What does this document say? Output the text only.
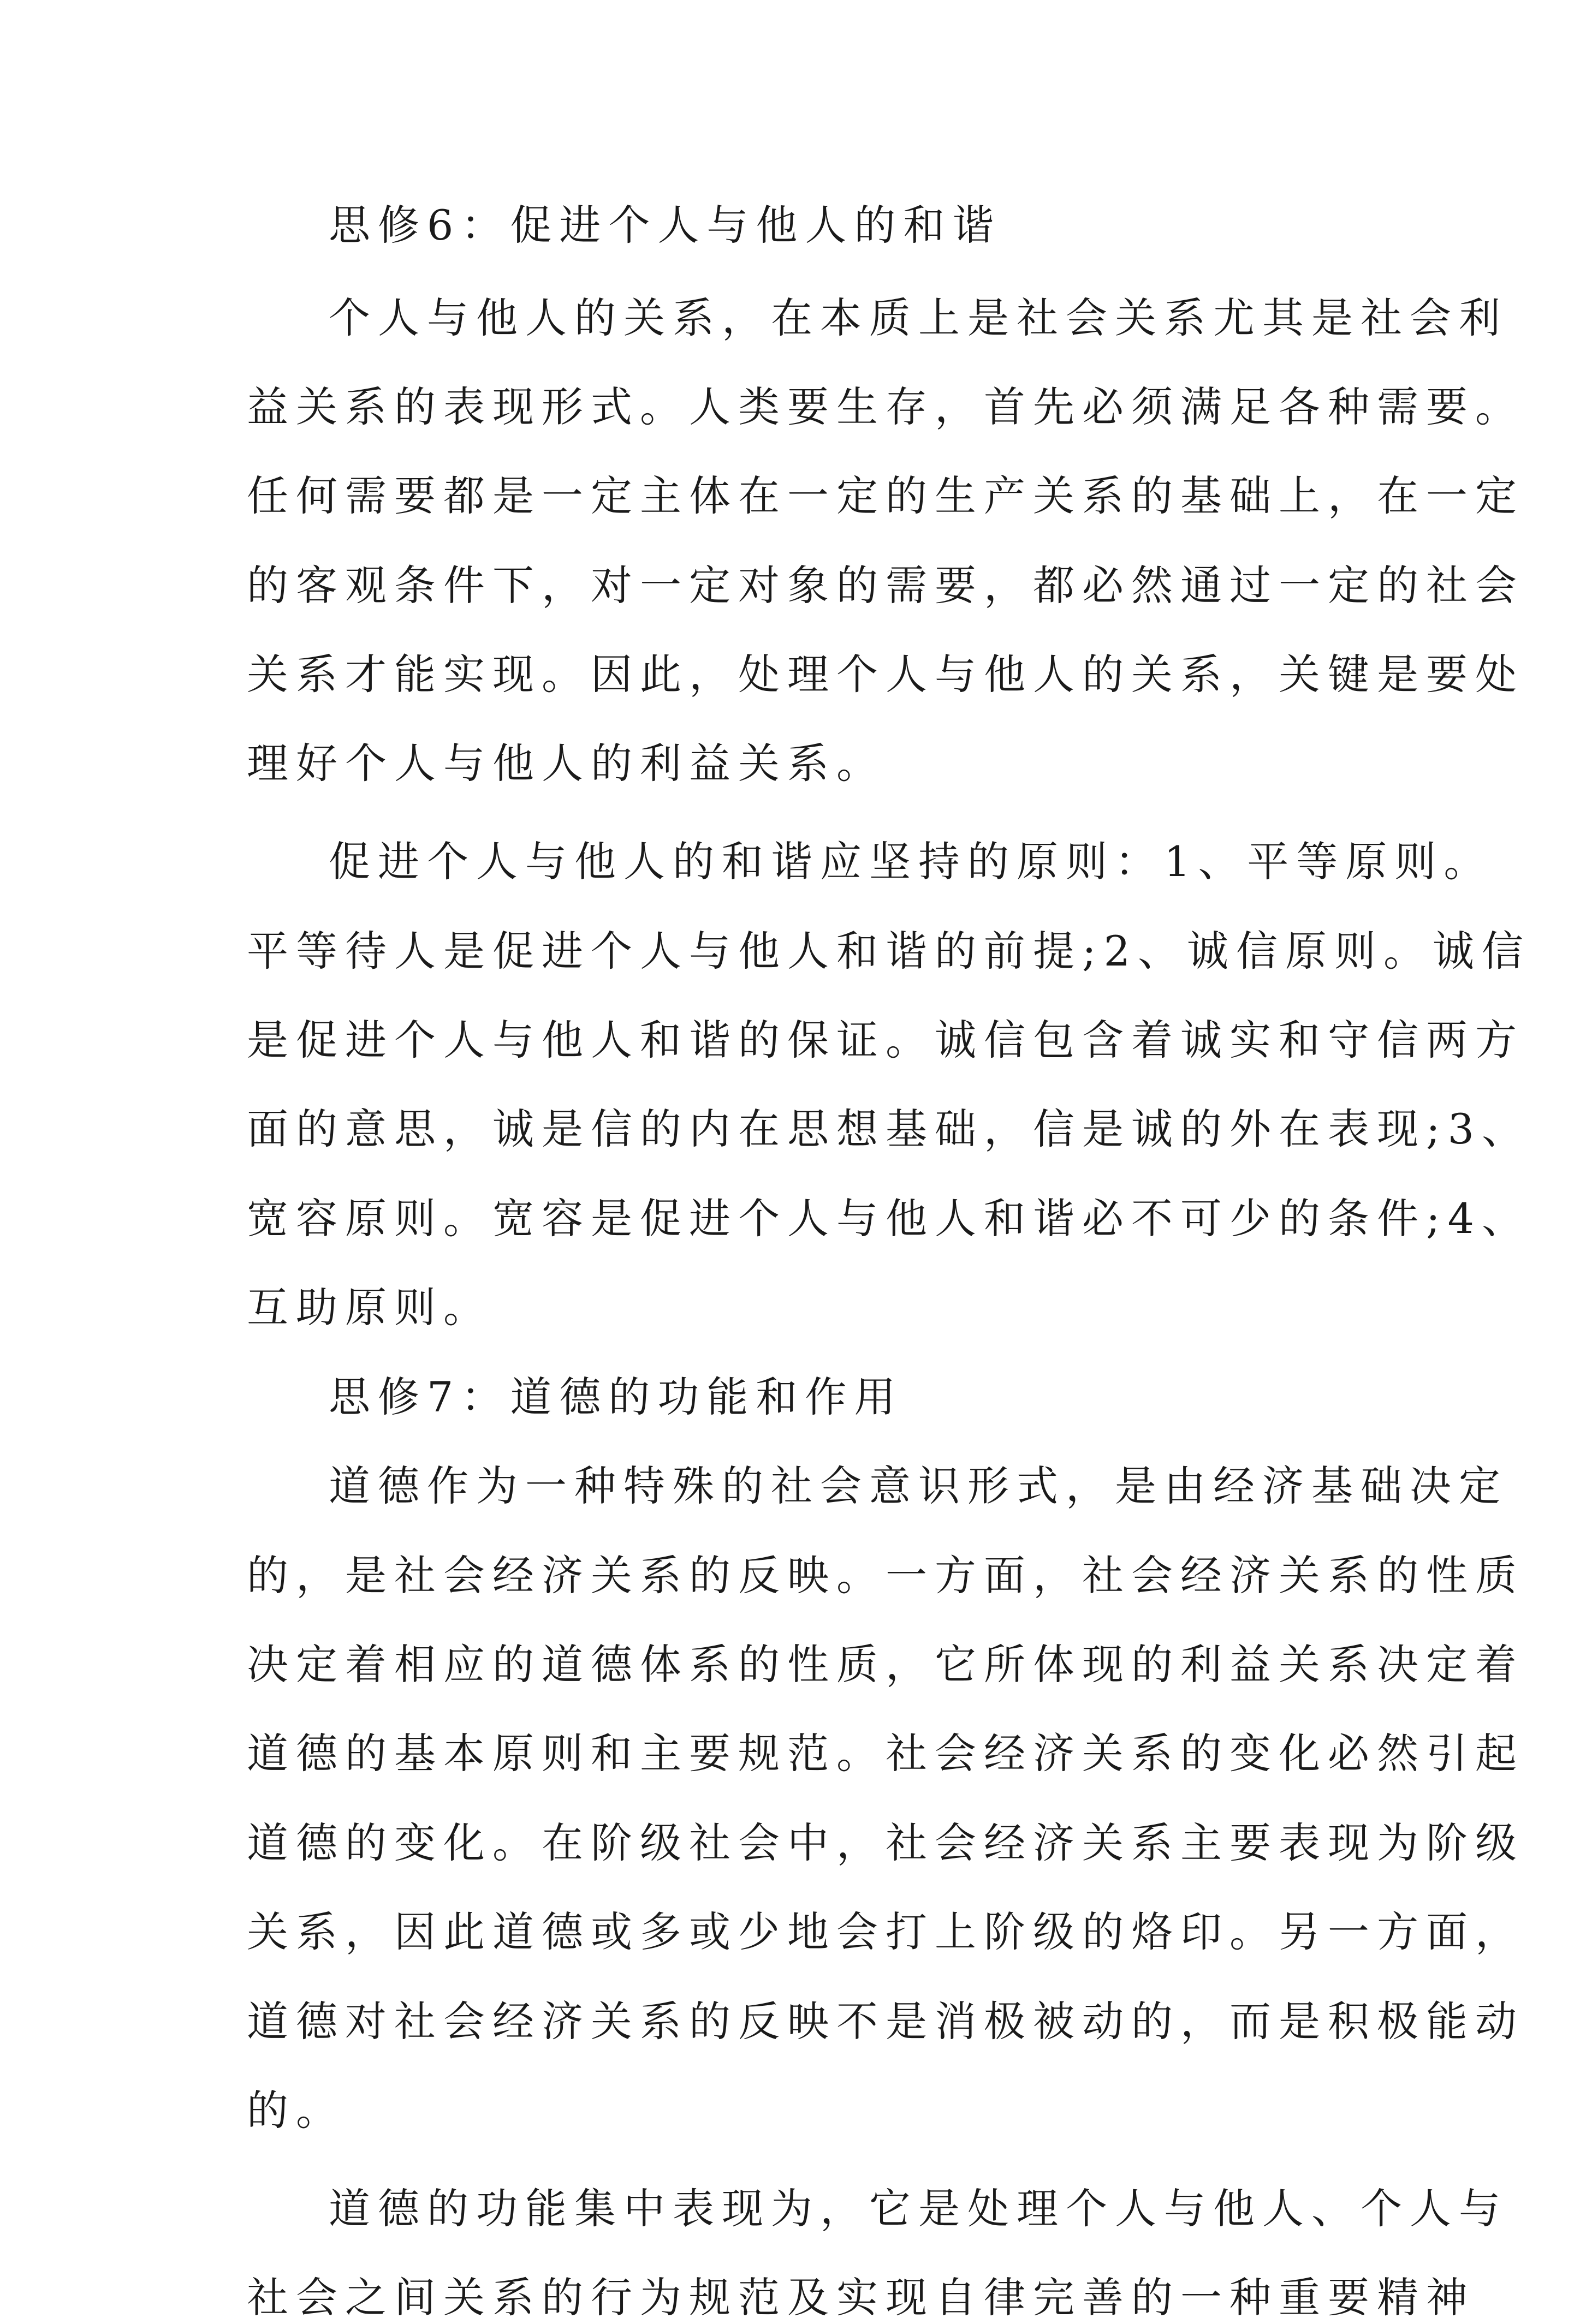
思修6：促进个人与他人的和谐
个人与他人的关系，在本质上是社会关系尤其是社会利
益关系的表现形式。人类要生存，首先必须满足各种需要。
任何需要都是一定主体在一定的生产关系的基础上，在一定
的客观条件下，对一定对象的需要，都必然通过一定的社会
关系才能实现。因此，处理个人与他人的关系，关键是要处
理好个人与他人的利益关系。
促进个人与他人的和谐应坚持的原则：1、平等原则。
平等待人是促进个人与他人和谐的前提;2、诚信原则。诚信
是促进个人与他人和谐的保证。诚信包含着诚实和守信两方
面的意思，诚是信的内在思想基础，信是诚的外在表现;3、
宽容原则。宽容是促进个人与他人和谐必不可少的条件;4、
互助原则。
思修7：道德的功能和作用
道德作为一种特殊的社会意识形式，是由经济基础决定
的，是社会经济关系的反映。一方面，社会经济关系的性质
决定着相应的道德体系的性质，它所体现的利益关系决定着
道德的基本原则和主要规范。社会经济关系的变化必然引起
道德的变化。在阶级社会中，社会经济关系主要表现为阶级
关系，因此道德或多或少地会打上阶级的烙印。另一方面，
道德对社会经济关系的反映不是消极被动的，而是积极能动
的。
道德的功能集中表现为，它是处理个人与他人、个人与
社会之间关系的行为规范及实现自律完善的一种重要精神
